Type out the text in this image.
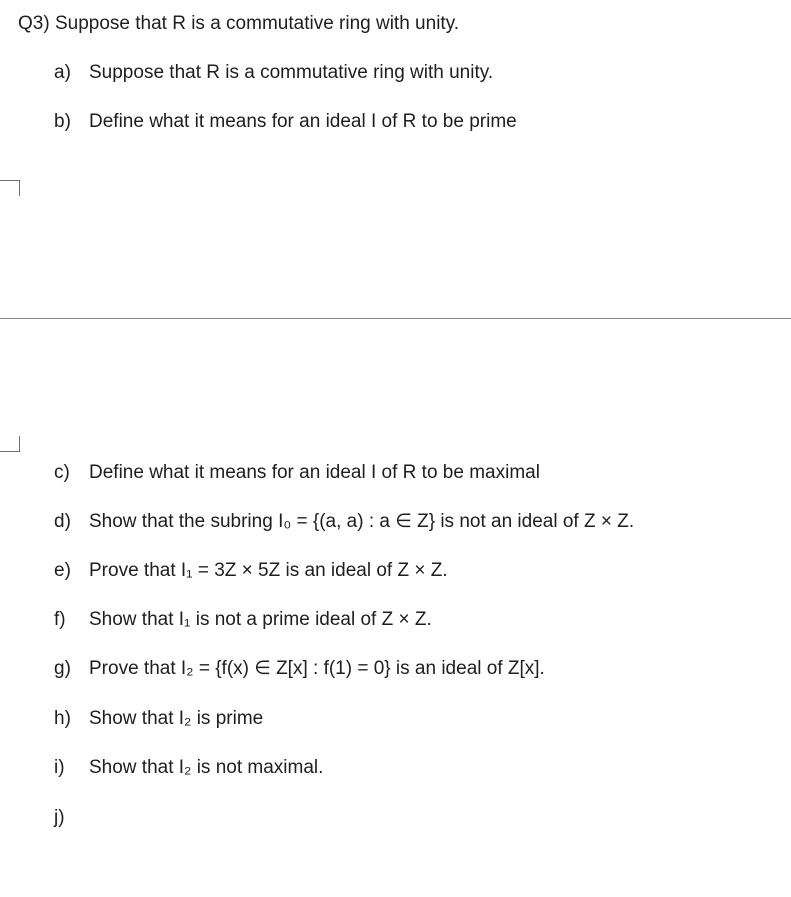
Q3) Suppose that R is a commutative ring with unity.
a) Suppose that R is a commutative ring with unity.
b) Define what it means for an ideal I of R to be prime
c) Define what it means for an ideal I of R to be maximal
d) Show that the subring I₀ = {(a, a) : a ∈ Z} is not an ideal of Z × Z.
e) Prove that I₁ = 3Z × 5Z is an ideal of Z × Z.
f) Show that I₁ is not a prime ideal of Z × Z.
g) Prove that I₂ = {f(x) ∈ Z[x] : f(1) = 0} is an ideal of Z[x].
h) Show that I₂ is prime
i) Show that I₂ is not maximal.
j)
